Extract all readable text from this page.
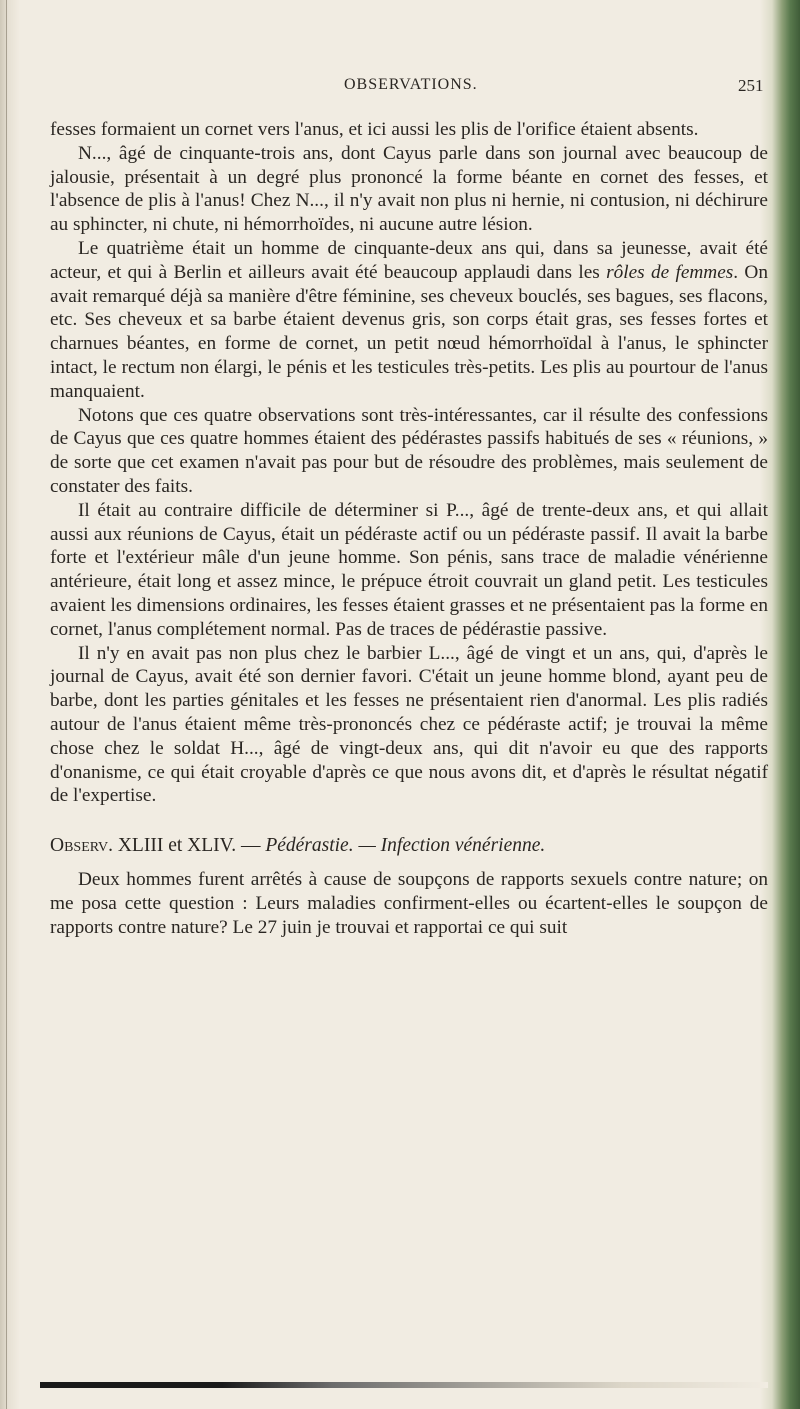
OBSERVATIONS.	251

fesses formaient un cornet vers l'anus, et ici aussi les plis de l'orifice étaient absents.

N..., âgé de cinquante-trois ans, dont Cayus parle dans son journal avec beaucoup de jalousie, présentait à un degré plus prononcé la forme béante en cornet des fesses, et l'absence de plis à l'anus! Chez N..., il n'y avait non plus ni hernie, ni contusion, ni déchirure au sphincter, ni chute, ni hémorrhoïdes, ni aucune autre lésion.

Le quatrième était un homme de cinquante-deux ans qui, dans sa jeunesse, avait été acteur, et qui à Berlin et ailleurs avait été beaucoup applaudi dans les rôles de femmes. On avait remarqué déjà sa manière d'être féminine, ses cheveux bouclés, ses bagues, ses flacons, etc. Ses cheveux et sa barbe étaient devenus gris, son corps était gras, ses fesses fortes et charnues béantes, en forme de cornet, un petit nœud hémorrhoïdal à l'anus, le sphincter intact, le rectum non élargi, le pénis et les testicules très-petits. Les plis au pourtour de l'anus manquaient.

Notons que ces quatre observations sont très-intéressantes, car il résulte des confessions de Cayus que ces quatre hommes étaient des pédérastes passifs habitués de ses « réunions, » de sorte que cet examen n'avait pas pour but de résoudre des problèmes, mais seulement de constater des faits.

Il était au contraire difficile de déterminer si P..., âgé de trente-deux ans, et qui allait aussi aux réunions de Cayus, était un pédéraste actif ou un pédéraste passif. Il avait la barbe forte et l'extérieur mâle d'un jeune homme. Son pénis, sans trace de maladie vénérienne antérieure, était long et assez mince, le prépuce étroit couvrait un gland petit. Les testicules avaient les dimensions ordinaires, les fesses étaient grasses et ne présentaient pas la forme en cornet, l'anus complétement normal. Pas de traces de pédérastie passive.

Il n'y en avait pas non plus chez le barbier L..., âgé de vingt et un ans, qui, d'après le journal de Cayus, avait été son dernier favori. C'était un jeune homme blond, ayant peu de barbe, dont les parties génitales et les fesses ne présentaient rien d'anormal. Les plis radiés autour de l'anus étaient même très-prononcés chez ce pédéraste actif; je trouvai la même chose chez le soldat H..., âgé de vingt-deux ans, qui dit n'avoir eu que des rapports d'onanisme, ce qui était croyable d'après ce que nous avons dit, et d'après le résultat négatif de l'expertise.

Observ. XLIII et XLIV. — Pédérastie. — Infection vénérienne.

Deux hommes furent arrêtés à cause de soupçons de rapports sexuels contre nature; on me posa cette question : Leurs maladies confirment-elles ou écartent-elles le soupçon de rapports contre nature? Le 27 juin je trouvai et rapportai ce qui suit
